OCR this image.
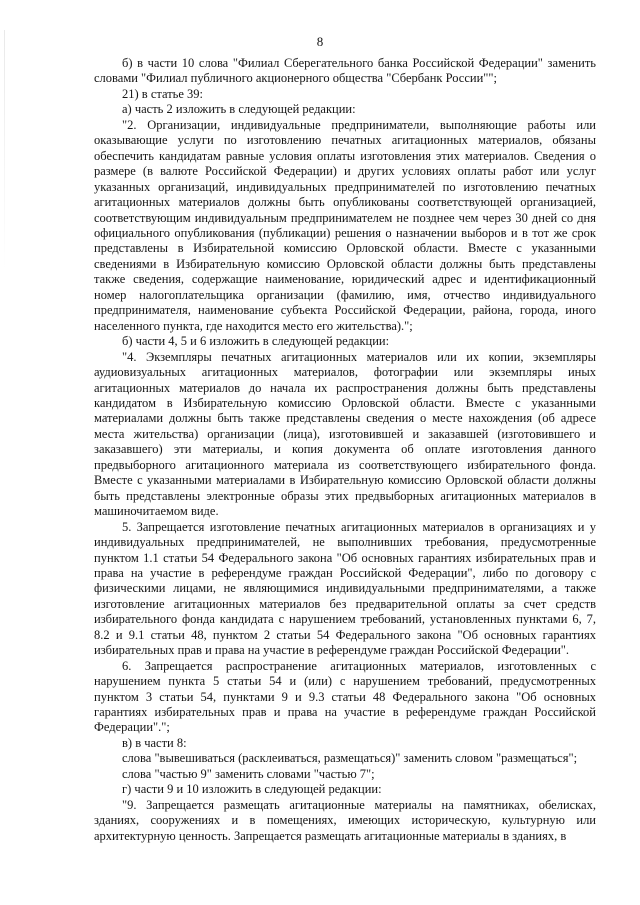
8

б) в части 10 слова "Филиал Сберегательного банка Российской Федерации" заменить словами "Филиал публичного акционерного общества "Сбербанк России"";

21) в статье 39:

а) часть 2 изложить в следующей редакции:

"2. Организации, индивидуальные предприниматели, выполняющие работы или оказывающие услуги по изготовлению печатных агитационных материалов, обязаны обеспечить кандидатам равные условия оплаты изготовления этих материалов. Сведения о размере (в валюте Российской Федерации) и других условиях оплаты работ или услуг указанных организаций, индивидуальных предпринимателей по изготовлению печатных агитационных материалов должны быть опубликованы соответствующей организацией, соответствующим индивидуальным предпринимателем не позднее чем через 30 дней со дня официального опубликования (публикации) решения о назначении выборов и в тот же срок представлены в Избирательной комиссию Орловской области. Вместе с указанными сведениями в Избирательную комиссию Орловской области должны быть представлены также сведения, содержащие наименование, юридический адрес и идентификационный номер налогоплательщика организации (фамилию, имя, отчество индивидуального предпринимателя, наименование субъекта Российской Федерации, района, города, иного населенного пункта, где находится место его жительства).";

б) части 4, 5 и 6 изложить в следующей редакции:

"4. Экземпляры печатных агитационных материалов или их копии, экземпляры аудиовизуальных агитационных материалов, фотографии или экземпляры иных агитационных материалов до начала их распространения должны быть представлены кандидатом в Избирательную комиссию Орловской области. Вместе с указанными материалами должны быть также представлены сведения о месте нахождения (об адресе места жительства) организации (лица), изготовившей и заказавшей (изготовившего и заказавшего) эти материалы, и копия документа об оплате изготовления данного предвыборного агитационного материала из соответствующего избирательного фонда. Вместе с указанными материалами в Избирательную комиссию Орловской области должны быть представлены электронные образы этих предвыборных агитационных материалов в машиночитаемом виде.

5. Запрещается изготовление печатных агитационных материалов в организациях и у индивидуальных предпринимателей, не выполнивших требования, предусмотренные пунктом 1.1 статьи 54 Федерального закона "Об основных гарантиях избирательных прав и права на участие в референдуме граждан Российской Федерации", либо по договору с физическими лицами, не являющимися индивидуальными предпринимателями, а также изготовление агитационных материалов без предварительной оплаты за счет средств избирательного фонда кандидата с нарушением требований, установленных пунктами 6, 7, 8.2 и 9.1 статьи 48, пунктом 2 статьи 54 Федерального закона "Об основных гарантиях избирательных прав и права на участие в референдуме граждан Российской Федерации".

6. Запрещается распространение агитационных материалов, изготовленных с нарушением пункта 5 статьи 54 и (или) с нарушением требований, предусмотренных пунктом 3 статьи 54, пунктами 9 и 9.3 статьи 48 Федерального закона "Об основных гарантиях избирательных прав и права на участие в референдуме граждан Российской Федерации".";

в) в части 8:

слова "вывешиваться (расклеиваться, размещаться)" заменить словом "размещаться";

слова "частью 9" заменить словами "частью 7";

г) части 9 и 10 изложить в следующей редакции:

"9. Запрещается размещать агитационные материалы на памятниках, обелисках, зданиях, сооружениях и в помещениях, имеющих историческую, культурную или архитектурную ценность. Запрещается размещать агитационные материалы в зданиях, в
